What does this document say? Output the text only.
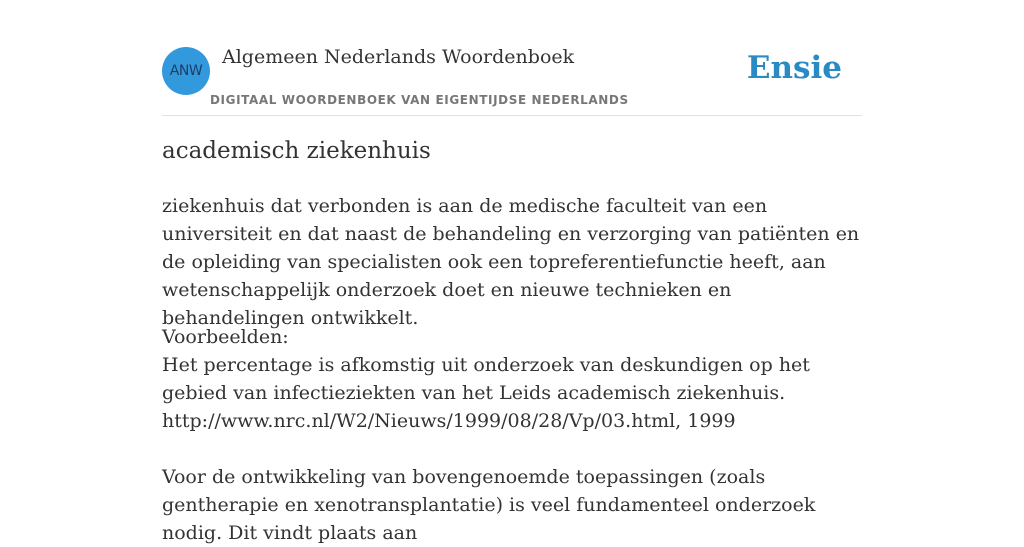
ANW
Algemeen Nederlands Woordenboek
DIGITAAL WOORDENBOEK VAN EIGENTIJDSE NEDERLANDS
Ensie
academisch ziekenhuis

ziekenhuis dat verbonden is aan de medische faculteit van een universiteit en dat naast de behandeling en verzorging van patiënten en de opleiding van specialisten ook een topreferentiefunctie heeft, aan wetenschappelijk onderzoek doet en nieuwe technieken en behandelingen ontwikkelt.

Voorbeelden:
Het percentage is afkomstig uit onderzoek van deskundigen op het gebied van infectieziekten van het Leids academisch ziekenhuis.
http://www.nrc.nl/W2/Nieuws/1999/08/28/Vp/03.html, 1999
Voor de ontwikkeling van bovengenoemde toepassingen (zoals gentherapie en xenotransplantatie) is veel fundamenteel onderzoek nodig. Dit vindt plaats aan
